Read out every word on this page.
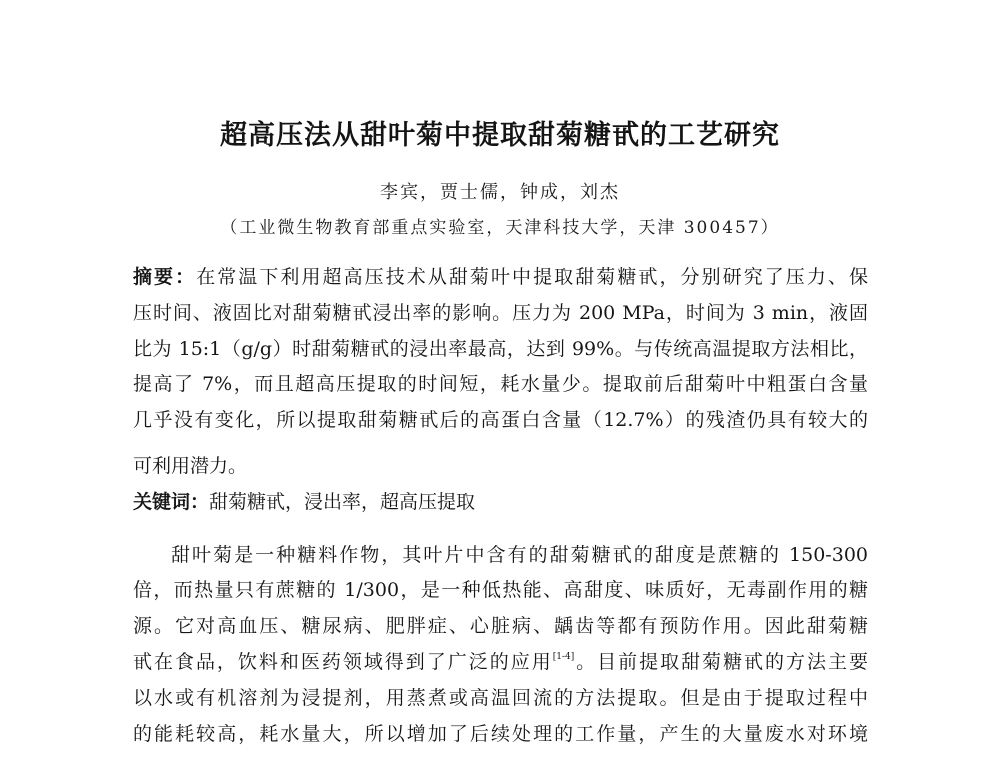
超高压法从甜叶菊中提取甜菊糖甙的工艺研究
李宾，贾士儒，钟成，刘杰
（工业微生物教育部重点实验室，天津科技大学，天津 300457）
摘要：在常温下利用超高压技术从甜菊叶中提取甜菊糖甙，分别研究了压力、保
压时间、液固比对甜菊糖甙浸出率的影响。压力为 200 MPa，时间为 3 min，液固
比为 15:1（g/g）时甜菊糖甙的浸出率最高，达到 99%。与传统高温提取方法相比，
提高了 7%，而且超高压提取的时间短，耗水量少。提取前后甜菊叶中粗蛋白含量
几乎没有变化，所以提取甜菊糖甙后的高蛋白含量（12.7%）的残渣仍具有较大的
可利用潜力。
关键词：甜菊糖甙，浸出率，超高压提取
甜叶菊是一种糖料作物，其叶片中含有的甜菊糖甙的甜度是蔗糖的 150-300
倍，而热量只有蔗糖的 1/300，是一种低热能、高甜度、味质好，无毒副作用的糖
源。它对高血压、糖尿病、肥胖症、心脏病、龋齿等都有预防作用。因此甜菊糖
甙在食品，饮料和医药领域得到了广泛的应用[1-4]。目前提取甜菊糖甙的方法主要
以水或有机溶剂为浸提剂，用蒸煮或高温回流的方法提取。但是由于提取过程中
的能耗较高，耗水量大，所以增加了后续处理的工作量，产生的大量废水对环境
